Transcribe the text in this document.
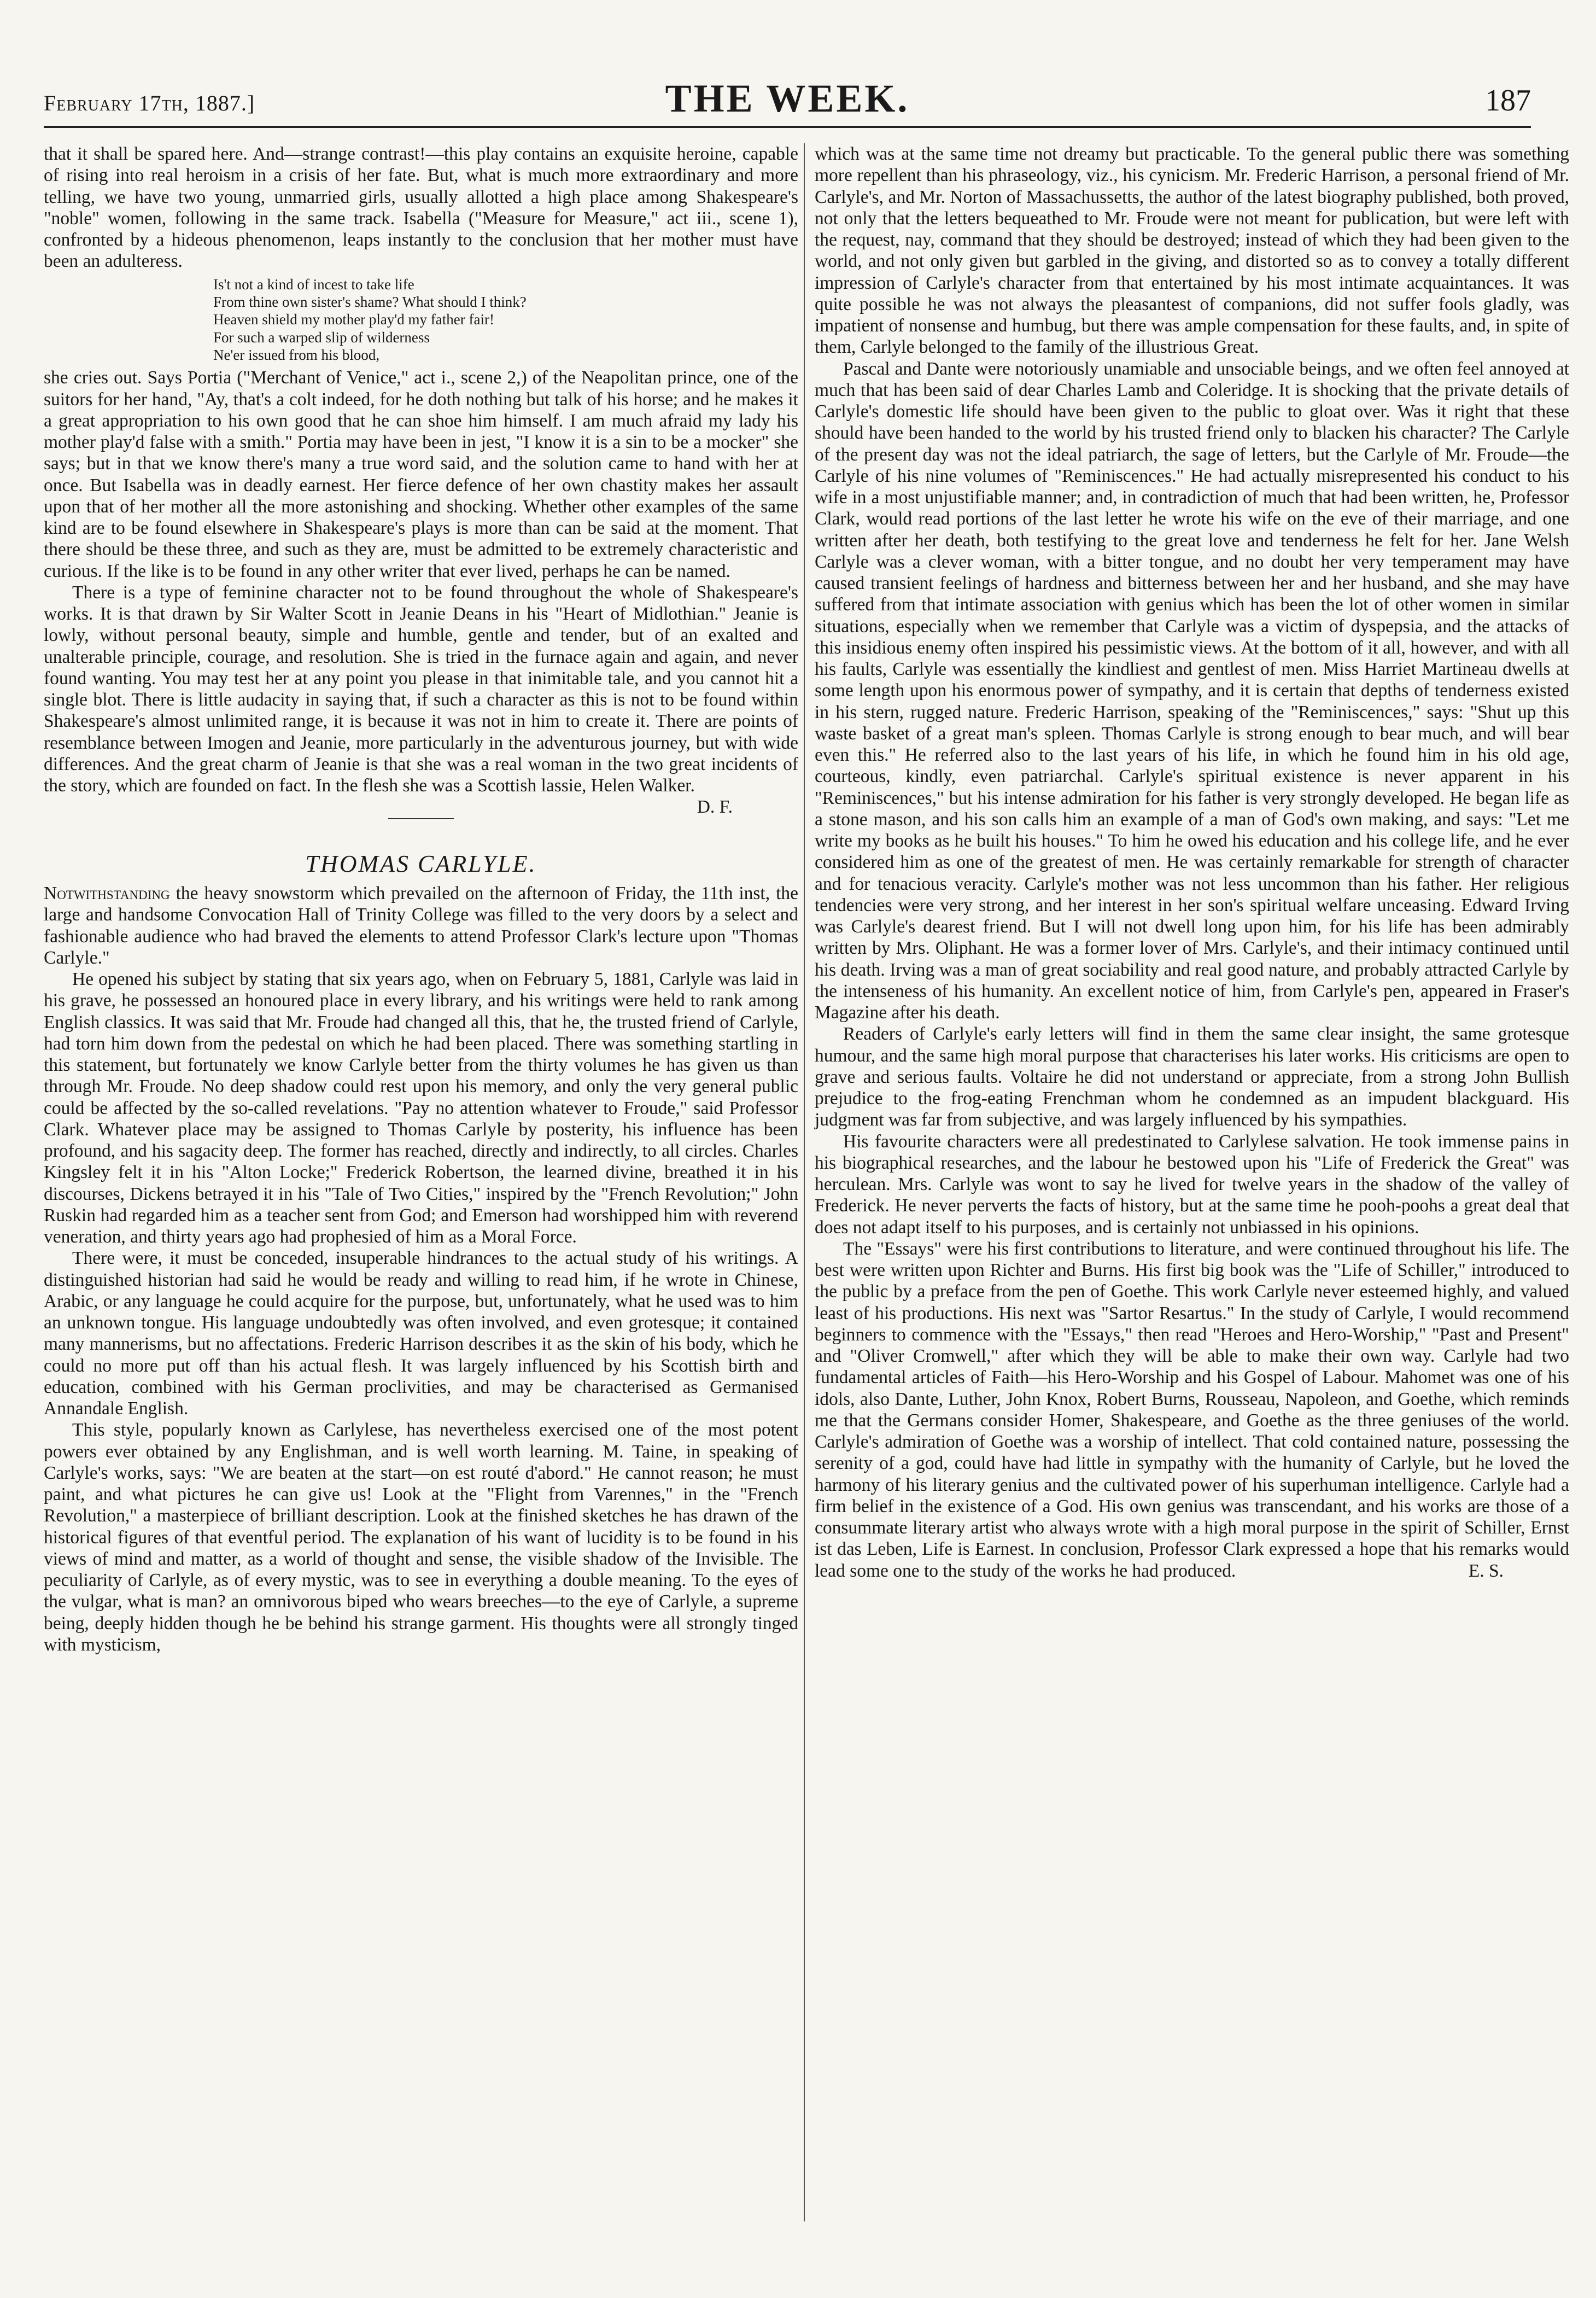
February 17th, 1887.]	THE WEEK.	187

that it shall be spared here. And—strange contrast!—this play contains an exquisite heroine, capable of rising into real heroism in a crisis of her fate. But, what is much more extraordinary and more telling, we have two young, unmarried girls, usually allotted a high place among Shakespeare's "noble" women, following in the same track. Isabella ("Measure for Measure," act iii., scene 1), confronted by a hideous phenomenon, leaps instantly to the conclusion that her mother must have been an adulteress.

Is't not a kind of incest to take life
From thine own sister's shame? What should I think?
Heaven shield my mother play'd my father fair!
For such a warped slip of wilderness
Ne'er issued from his blood,

she cries out. Says Portia ("Merchant of Venice," act i., scene 2,) of the Neapolitan prince, one of the suitors for her hand, "Ay, that's a colt indeed, for he doth nothing but talk of his horse; and he makes it a great appropriation to his own good that he can shoe him himself. I am much afraid my lady his mother play'd false with a smith." Portia may have been in jest, "I know it is a sin to be a mocker" she says; but in that we know there's many a true word said, and the solution came to hand with her at once. But Isabella was in deadly earnest. Her fierce defence of her own chastity makes her assault upon that of her mother all the more astonishing and shocking. Whether other examples of the same kind are to be found elsewhere in Shakespeare's plays is more than can be said at the moment. That there should be these three, and such as they are, must be admitted to be extremely characteristic and curious. If the like is to be found in any other writer that ever lived, perhaps he can be named.

There is a type of feminine character not to be found throughout the whole of Shakespeare's works. It is that drawn by Sir Walter Scott in Jeanie Deans in his "Heart of Midlothian." Jeanie is lowly, without personal beauty, simple and humble, gentle and tender, but of an exalted and unalterable principle, courage, and resolution. She is tried in the furnace again and again, and never found wanting. You may test her at any point you please in that inimitable tale, and you cannot hit a single blot. There is little audacity in saying that, if such a character as this is not to be found within Shakespeare's almost unlimited range, it is because it was not in him to create it. There are points of resemblance between Imogen and Jeanie, more particularly in the adventurous journey, but with wide differences. And the great charm of Jeanie is that she was a real woman in the two great incidents of the story, which are founded on fact. In the flesh she was a Scottish lassie, Helen Walker.
D. F.

THOMAS CARLYLE.

Notwithstanding the heavy snowstorm which prevailed on the afternoon of Friday, the 11th inst, the large and handsome Convocation Hall of Trinity College was filled to the very doors by a select and fashionable audience who had braved the elements to attend Professor Clark's lecture upon "Thomas Carlyle."

He opened his subject by stating that six years ago, when on February 5, 1881, Carlyle was laid in his grave, he possessed an honoured place in every library, and his writings were held to rank among English classics. It was said that Mr. Froude had changed all this, that he, the trusted friend of Carlyle, had torn him down from the pedestal on which he had been placed. There was something startling in this statement, but fortunately we know Carlyle better from the thirty volumes he has given us than through Mr. Froude. No deep shadow could rest upon his memory, and only the very general public could be affected by the so-called revelations. "Pay no attention whatever to Froude," said Professor Clark. Whatever place may be assigned to Thomas Carlyle by posterity, his influence has been profound, and his sagacity deep. The former has reached, directly and indirectly, to all circles. Charles Kingsley felt it in his "Alton Locke;" Frederick Robertson, the learned divine, breathed it in his discourses, Dickens betrayed it in his "Tale of Two Cities," inspired by the "French Revolution;" John Ruskin had regarded him as a teacher sent from God; and Emerson had worshipped him with reverend veneration, and thirty years ago had prophesied of him as a Moral Force.

There were, it must be conceded, insuperable hindrances to the actual study of his writings. A distinguished historian had said he would be ready and willing to read him, if he wrote in Chinese, Arabic, or any language he could acquire for the purpose, but, unfortunately, what he used was to him an unknown tongue. His language undoubtedly was often involved, and even grotesque; it contained many mannerisms, but no affectations. Frederic Harrison describes it as the skin of his body, which he could no more put off than his actual flesh. It was largely influenced by his Scottish birth and education, combined with his German proclivities, and may be characterised as Germanised Annandale English.

This style, popularly known as Carlylese, has nevertheless exercised one of the most potent powers ever obtained by any Englishman, and is well worth learning. M. Taine, in speaking of Carlyle's works, says: "We are beaten at the start—on est routé d'abord." He cannot reason; he must paint, and what pictures he can give us! Look at the "Flight from Varennes," in the "French Revolution," a masterpiece of brilliant description. Look at the finished sketches he has drawn of the historical figures of that eventful period. The explanation of his want of lucidity is to be found in his views of mind and matter, as a world of thought and sense, the visible shadow of the Invisible. The peculiarity of Carlyle, as of every mystic, was to see in everything a double meaning. To the eyes of the vulgar, what is man? an omnivorous biped who wears breeches—to the eye of Carlyle, a supreme being, deeply hidden though he be behind his strange garment. His thoughts were all strongly tinged with mysticism,

which was at the same time not dreamy but practicable. To the general public there was something more repellent than his phraseology, viz., his cynicism. Mr. Frederic Harrison, a personal friend of Mr. Carlyle's, and Mr. Norton of Massachussetts, the author of the latest biography published, both proved, not only that the letters bequeathed to Mr. Froude were not meant for publication, but were left with the request, nay, command that they should be destroyed; instead of which they had been given to the world, and not only given but garbled in the giving, and distorted so as to convey a totally different impression of Carlyle's character from that entertained by his most intimate acquaintances. It was quite possible he was not always the pleasantest of companions, did not suffer fools gladly, was impatient of nonsense and humbug, but there was ample compensation for these faults, and, in spite of them, Carlyle belonged to the family of the illustrious Great.

Pascal and Dante were notoriously unamiable and unsociable beings, and we often feel annoyed at much that has been said of dear Charles Lamb and Coleridge. It is shocking that the private details of Carlyle's domestic life should have been given to the public to gloat over. Was it right that these should have been handed to the world by his trusted friend only to blacken his character? The Carlyle of the present day was not the ideal patriarch, the sage of letters, but the Carlyle of Mr. Froude—the Carlyle of his nine volumes of "Reminiscences." He had actually misrepresented his conduct to his wife in a most unjustifiable manner; and, in contradiction of much that had been written, he, Professor Clark, would read portions of the last letter he wrote his wife on the eve of their marriage, and one written after her death, both testifying to the great love and tenderness he felt for her. Jane Welsh Carlyle was a clever woman, with a bitter tongue, and no doubt her very temperament may have caused transient feelings of hardness and bitterness between her and her husband, and she may have suffered from that intimate association with genius which has been the lot of other women in similar situations, especially when we remember that Carlyle was a victim of dyspepsia, and the attacks of this insidious enemy often inspired his pessimistic views. At the bottom of it all, however, and with all his faults, Carlyle was essentially the kindliest and gentlest of men. Miss Harriet Martineau dwells at some length upon his enormous power of sympathy, and it is certain that depths of tenderness existed in his stern, rugged nature. Frederic Harrison, speaking of the "Reminiscences," says: "Shut up this waste basket of a great man's spleen. Thomas Carlyle is strong enough to bear much, and will bear even this." He referred also to the last years of his life, in which he found him in his old age, courteous, kindly, even patriarchal. Carlyle's spiritual existence is never apparent in his "Reminiscences," but his intense admiration for his father is very strongly developed. He began life as a stone mason, and his son calls him an example of a man of God's own making, and says: "Let me write my books as he built his houses." To him he owed his education and his college life, and he ever considered him as one of the greatest of men. He was certainly remarkable for strength of character and for tenacious veracity. Carlyle's mother was not less uncommon than his father. Her religious tendencies were very strong, and her interest in her son's spiritual welfare unceasing. Edward Irving was Carlyle's dearest friend. But I will not dwell long upon him, for his life has been admirably written by Mrs. Oliphant. He was a former lover of Mrs. Carlyle's, and their intimacy continued until his death. Irving was a man of great sociability and real good nature, and probably attracted Carlyle by the intenseness of his humanity. An excellent notice of him, from Carlyle's pen, appeared in Fraser's Magazine after his death.

Readers of Carlyle's early letters will find in them the same clear insight, the same grotesque humour, and the same high moral purpose that characterises his later works. His criticisms are open to grave and serious faults. Voltaire he did not understand or appreciate, from a strong John Bullish prejudice to the frog-eating Frenchman whom he condemned as an impudent blackguard. His judgment was far from subjective, and was largely influenced by his sympathies.

His favourite characters were all predestinated to Carlylese salvation. He took immense pains in his biographical researches, and the labour he bestowed upon his "Life of Frederick the Great" was herculean. Mrs. Carlyle was wont to say he lived for twelve years in the shadow of the valley of Frederick. He never perverts the facts of history, but at the same time he pooh-poohs a great deal that does not adapt itself to his purposes, and is certainly not unbiassed in his opinions.

The "Essays" were his first contributions to literature, and were continued throughout his life. The best were written upon Richter and Burns. His first big book was the "Life of Schiller," introduced to the public by a preface from the pen of Goethe. This work Carlyle never esteemed highly, and valued least of his productions. His next was "Sartor Resartus." In the study of Carlyle, I would recommend beginners to commence with the "Essays," then read "Heroes and Hero-Worship," "Past and Present" and "Oliver Cromwell," after which they will be able to make their own way. Carlyle had two fundamental articles of Faith—his Hero-Worship and his Gospel of Labour. Mahomet was one of his idols, also Dante, Luther, John Knox, Robert Burns, Rousseau, Napoleon, and Goethe, which reminds me that the Germans consider Homer, Shakespeare, and Goethe as the three geniuses of the world. Carlyle's admiration of Goethe was a worship of intellect. That cold contained nature, possessing the serenity of a god, could have had little in sympathy with the humanity of Carlyle, but he loved the harmony of his literary genius and the cultivated power of his superhuman intelligence. Carlyle had a firm belief in the existence of a God. His own genius was transcendant, and his works are those of a consummate literary artist who always wrote with a high moral purpose in the spirit of Schiller, Ernst ist das Leben, Life is Earnest. In conclusion, Professor Clark expressed a hope that his remarks would lead some one to the study of the works he had produced.	E. S.
